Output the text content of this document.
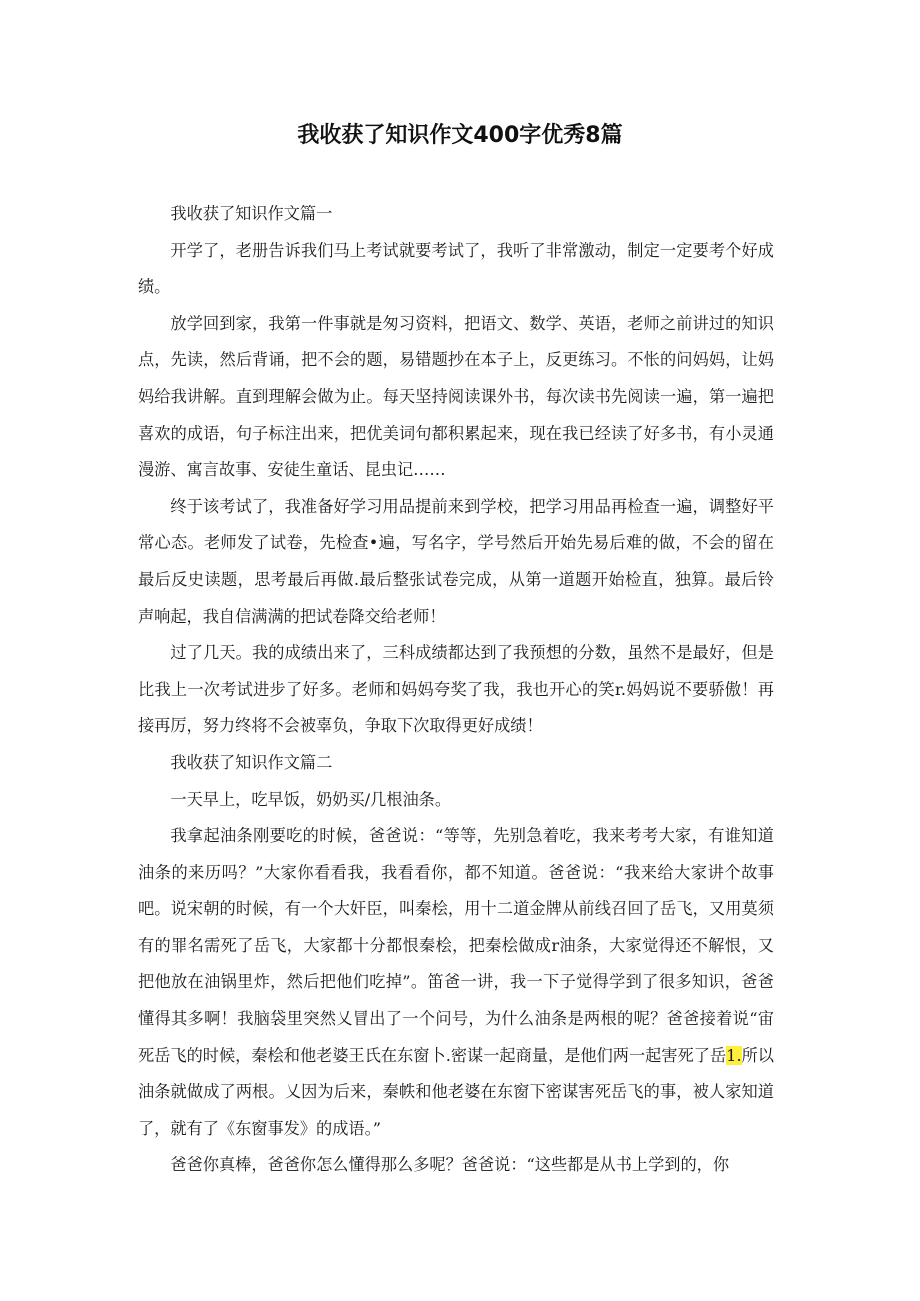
我收获了知识作文400字优秀8篇

我收获了知识作文篇一

开学了，老册告诉我们马上考试就要考试了，我听了非常激动，制定一定要考个好成绩。

放学回到家，我第一件事就是匆习资料，把语文、数学、英语，老师之前讲过的知识点，先读，然后背诵，把不会的题，易错题抄在本子上，反更练习。不怅的问妈妈，让妈妈给我讲解。直到理解会做为止。每天坚持阅读课外书，每次读书先阅读一遍，第一遍把喜欢的成语，句子标注出来，把优美词句都积累起来，现在我已经读了好多书，有小灵通漫游、寓言故事、安徒生童话、昆虫记……

终于该考试了，我准备好学习用品提前来到学校，把学习用品再检查一遍，调整好平常心态。老师发了试卷，先检查•遍，写名字，学号然后开始先易后难的做，不会的留在最后反史读题，思考最后再做.最后整张试卷完成，从第一道题开始检直，独算。最后铃声响起，我自信满满的把试卷降交给老师！

过了几天。我的成绩出来了，三科成绩都达到了我预想的分数，虽然不是最好，但是比我上一次考试进步了好多。老师和妈妈夸奖了我，我也开心的笑r.妈妈说不要骄傲！再接再厉，努力终将不会被辜负，争取下次取得更好成绩！

我收获了知识作文篇二

一天早上，吃早饭，奶奶买/几根油条。

我拿起油条刚要吃的时候，爸爸说：“等等，先别急着吃，我来考考大家，有谁知道油条的来历吗？”大家你看看我，我看看你，都不知道。爸爸说：“我来给大家讲个故事吧。说宋朝的时候，有一个大奸臣，叫秦桧，用十二道金牌从前线召回了岳飞，又用莫须有的罪名需死了岳飞，大家都十分都恨秦桧，把秦桧做成r油条，大家觉得还不解恨，又把他放在油锅里炸，然后把他们吃掉”。笛爸一讲，我一下子觉得学到了很多知识，爸爸懂得其多啊！我脑袋里突然乂冒出了一个问号，为什么油条是两根的呢？爸爸接着说“宙死岳飞的时候，秦桧和他老婆王氏在东窗卜.密谋一起商量，是他们两一起害死了岳1.所以油条就做成了两根。乂因为后来，秦帙和他老婆在东窗下密谋害死岳飞的事，被人家知道了，就有了《东窗事发》的成语。”

爸爸你真棒，爸爸你怎么懂得那么多呢？爸爸说：“这些都是从书上学到的，你
